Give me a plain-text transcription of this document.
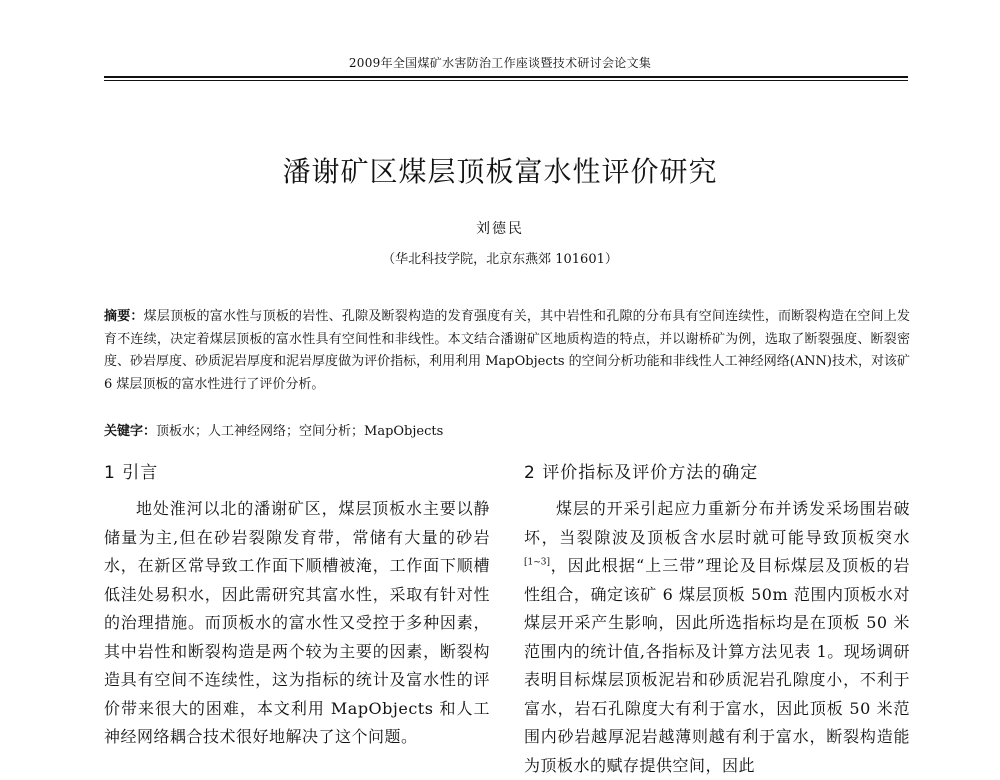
2009年全国煤矿水害防治工作座谈暨技术研讨会论文集
潘谢矿区煤层顶板富水性评价研究
刘德民
（华北科技学院，北京东燕郊 101601）
摘要：煤层顶板的富水性与顶板的岩性、孔隙及断裂构造的发育强度有关，其中岩性和孔隙的分布具有空间连续性，而断裂构造在空间上发育不连续，决定着煤层顶板的富水性具有空间性和非线性。本文结合潘谢矿区地质构造的特点，并以谢桥矿为例，选取了断裂强度、断裂密度、砂岩厚度、砂质泥岩厚度和泥岩厚度做为评价指标，利用利用 MapObjects 的空间分析功能和非线性人工神经网络(ANN)技术，对该矿 6 煤层顶板的富水性进行了评价分析。
关键字：顶板水；人工神经网络；空间分析；MapObjects
1 引言	2 评价指标及评价方法的确定

地处淮河以北的潘谢矿区，煤层顶板水主要以静储量为主,但在砂岩裂隙发育带，常储有大量的砂岩水，在新区常导致工作面下顺槽被淹，工作面下顺槽低洼处易积水，因此需研究其富水性，采取有针对性的治理措施。而顶板水的富水性又受控于多种因素，其中岩性和断裂构造是两个较为主要的因素，断裂构造具有空间不连续性，这为指标的统计及富水性的评价带来很大的困难，本文利用 MapObjects 和人工神经网络耦合技术很好地解决了这个问题。

煤层的开采引起应力重新分布并诱发采场围岩破坏，当裂隙波及顶板含水层时就可能导致顶板突水[1~3]，因此根据“上三带”理论及目标煤层及顶板的岩性组合，确定该矿 6 煤层顶板 50m 范围内顶板水对煤层开采产生影响，因此所选指标均是在顶板 50 米范围内的统计值,各指标及计算方法见表 1。现场调研表明目标煤层顶板泥岩和砂质泥岩孔隙度小，不利于富水，岩石孔隙度大有利于富水，因此顶板 50 米范围内砂岩越厚泥岩越薄则越有利于富水，断裂构造能为顶板水的赋存提供空间，因此
